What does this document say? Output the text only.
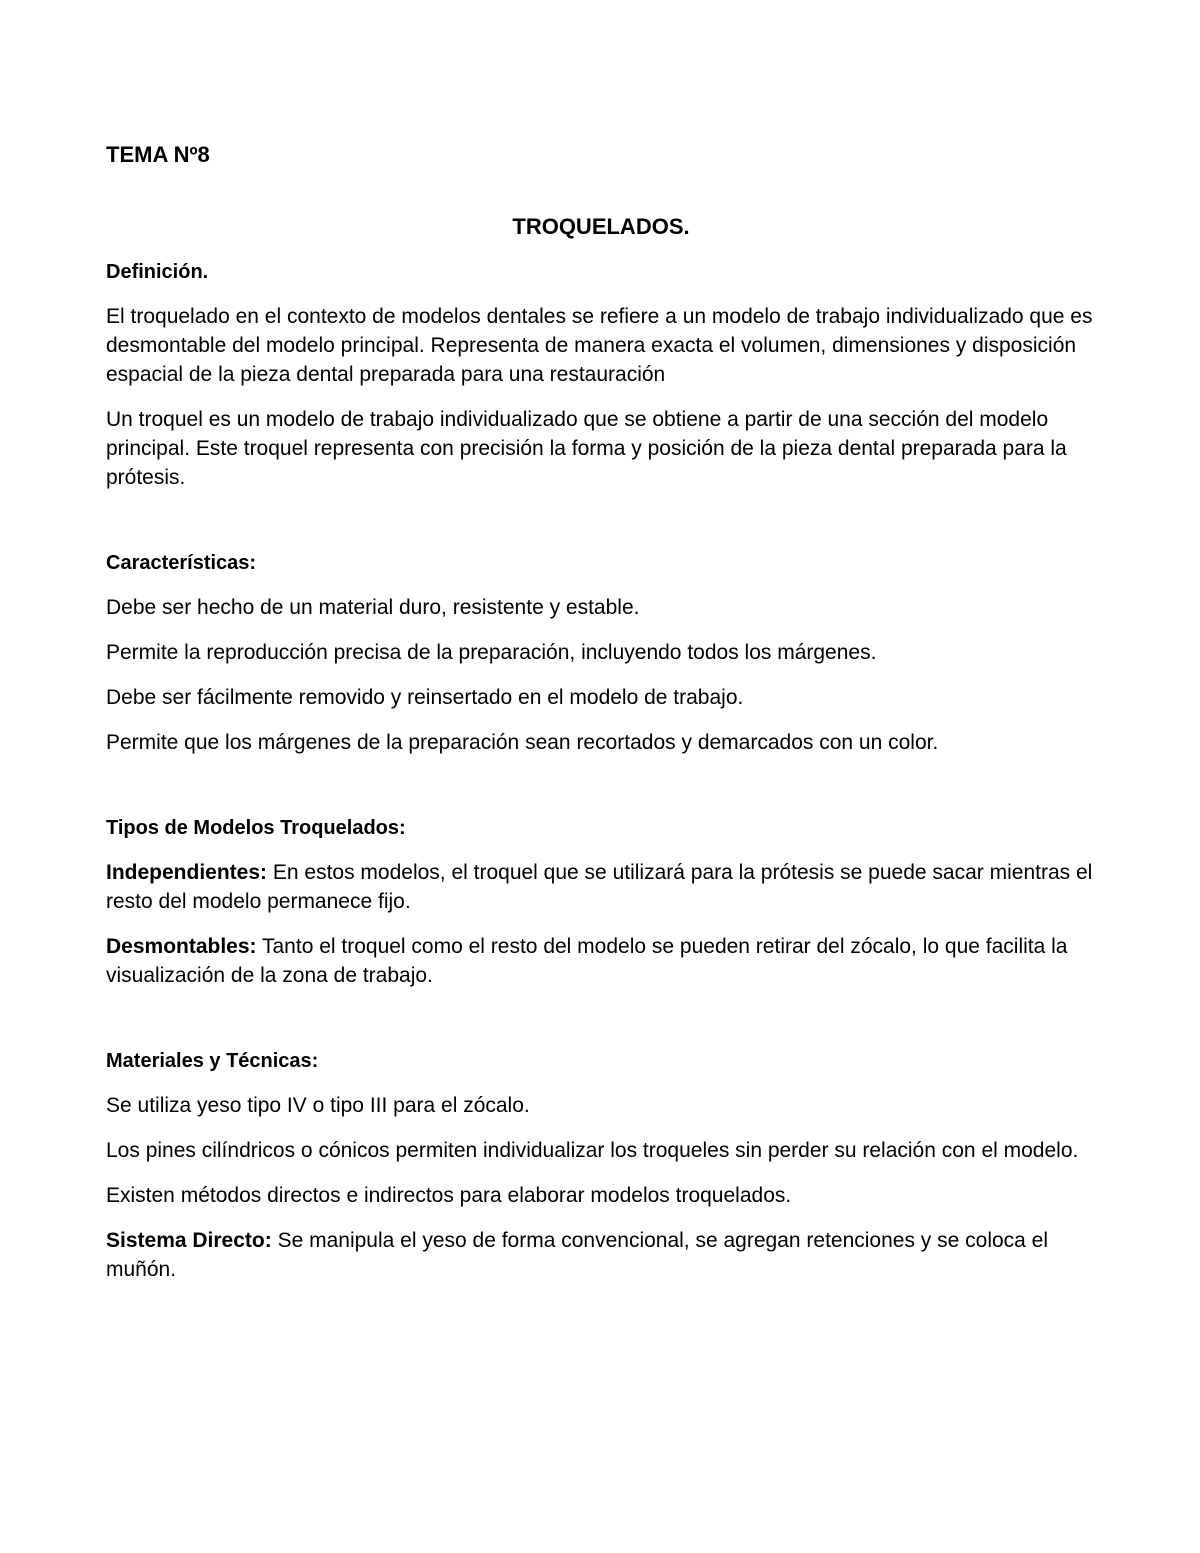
TEMA Nº8
TROQUELADOS.
Definición.

El troquelado en el contexto de modelos dentales se refiere a un modelo de trabajo individualizado que es desmontable del modelo principal. Representa de manera exacta el volumen, dimensiones y disposición espacial de la pieza dental preparada para una restauración

Un troquel es un modelo de trabajo individualizado que se obtiene a partir de una sección del modelo principal. Este troquel representa con precisión la forma y posición de la pieza dental preparada para la prótesis.

Características:

Debe ser hecho de un material duro, resistente y estable.

Permite la reproducción precisa de la preparación, incluyendo todos los márgenes.

Debe ser fácilmente removido y reinsertado en el modelo de trabajo.

Permite que los márgenes de la preparación sean recortados y demarcados con un color.

Tipos de Modelos Troquelados:

Independientes: En estos modelos, el troquel que se utilizará para la prótesis se puede sacar mientras el resto del modelo permanece fijo.

Desmontables: Tanto el troquel como el resto del modelo se pueden retirar del zócalo, lo que facilita la visualización de la zona de trabajo.

Materiales y Técnicas:

Se utiliza yeso tipo IV o tipo III para el zócalo.

Los pines cilíndricos o cónicos permiten individualizar los troqueles sin perder su relación con el modelo.

Existen métodos directos e indirectos para elaborar modelos troquelados.

Sistema Directo: Se manipula el yeso de forma convencional, se agregan retenciones y se coloca el muñón.
